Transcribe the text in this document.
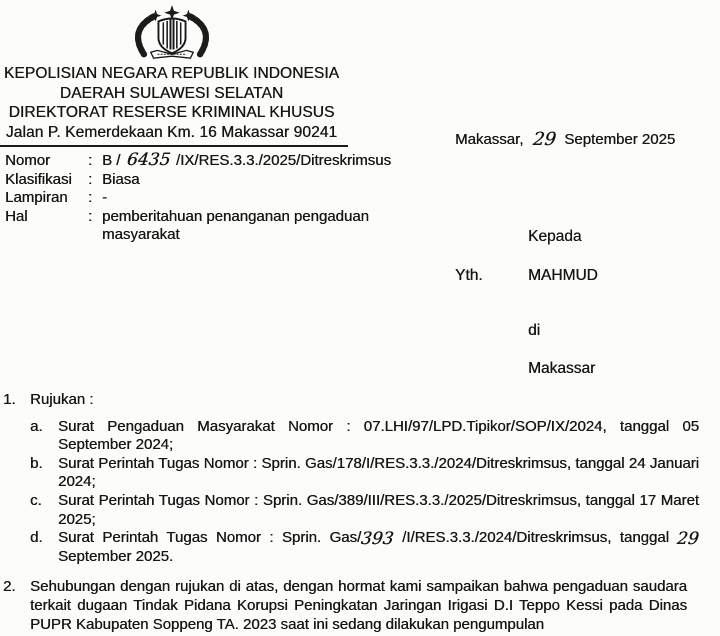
KEPOLISIAN NEGARA REPUBLIK INDONESIA
DAERAH SULAWESI SELATAN
DIREKTORAT RESERSE KRIMINAL KHUSUS
Jalan P. Kemerdekaan Km. 16 Makassar 90241	Makassar, 29 September 2025
Nomor	: B / 6435 /IX/RES.3.3./2025/Ditreskrimsus
Klasifikasi	: Biasa
Lampiran	: -
Hal	: pemberitahuan penanganan pengaduan masyarakat	Kepada
Yth.	MAHMUD
di
Makassar
1. Rujukan :
a. Surat Pengaduan Masyarakat Nomor : 07.LHI/97/LPD.Tipikor/SOP/IX/2024, tanggal 05 September 2024;

b. Surat Perintah Tugas Nomor : Sprin. Gas/178/I/RES.3.3./2024/Ditreskrimsus, tanggal 24 Januari 2024;

c. Surat Perintah Tugas Nomor : Sprin. Gas/389/III/RES.3.3./2025/Ditreskrimsus, tanggal 17 Maret 2025;

d. Surat Perintah Tugas Nomor : Sprin. Gas/393 /I/RES.3.3./2024/Ditreskrimsus, tanggal 29 September 2025.

2. Sehubungan dengan rujukan di atas, dengan hormat kami sampaikan bahwa pengaduan saudara terkait dugaan Tindak Pidana Korupsi Peningkatan Jaringan Irigasi D.I Teppo Kessi pada Dinas PUPR Kabupaten Soppeng TA. 2023 saat ini sedang dilakukan pengumpulan
